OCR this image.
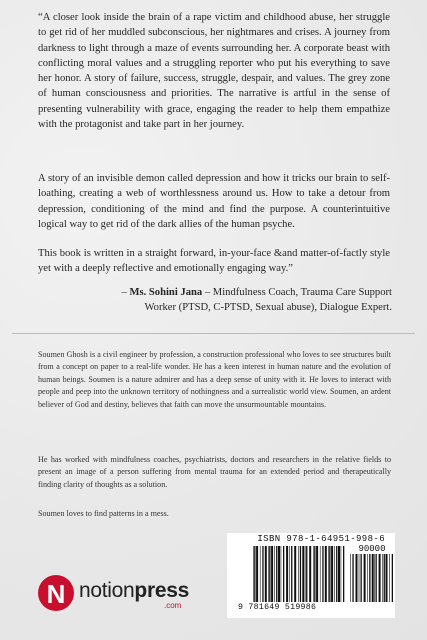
“A closer look inside the brain of a rape victim and childhood abuse, her struggle to get rid of her muddled subconscious, her nightmares and crises. A journey from darkness to light through a maze of events surrounding her. A corporate beast with conflicting moral values and a struggling reporter who put his everything to save her honor. A story of failure, success, struggle, despair, and values. The grey zone of human consciousness and priorities. The narrative is artful in the sense of presenting vulnerability with grace, engaging the reader to help them empathize with the protagonist and take part in her journey.

A story of an invisible demon called depression and how it tricks our brain to self-loathing, creating a web of worthlessness around us. How to take a detour from depression, conditioning of the mind and find the purpose. A counterintuitive logical way to get rid of the dark allies of the human psyche.

This book is written in a straight forward, in-your-face &and matter-of-factly style yet with a deeply reflective and emotionally engaging way.”

– Ms. Sohini Jana – Mindfulness Coach, Trauma Care Support Worker (PTSD, C-PTSD, Sexual abuse), Dialogue Expert.

Soumen Ghosh is a civil engineer by profession, a construction professional who loves to see structures built from a concept on paper to a real-life wonder. He has a keen interest in human nature and the evolution of human beings. Soumen is a nature admirer and has a deep sense of unity with it. He loves to interact with people and peep into the unknown territory of nothingness and a surrealistic world view. Soumen, an ardent believer of God and destiny, believes that faith can move the unsurmountable mountains.

He has worked with mindfulness coaches, psychiatrists, doctors and researchers in the relative fields to present an image of a person suffering from mental trauma for an extended period and therapeutically finding clarity of thoughts as a solution.

Soumen loves to find patterns in a mess.

N notionpress
.com
ISBN 978-1-64951-998-6
90000
9 781649 519986
